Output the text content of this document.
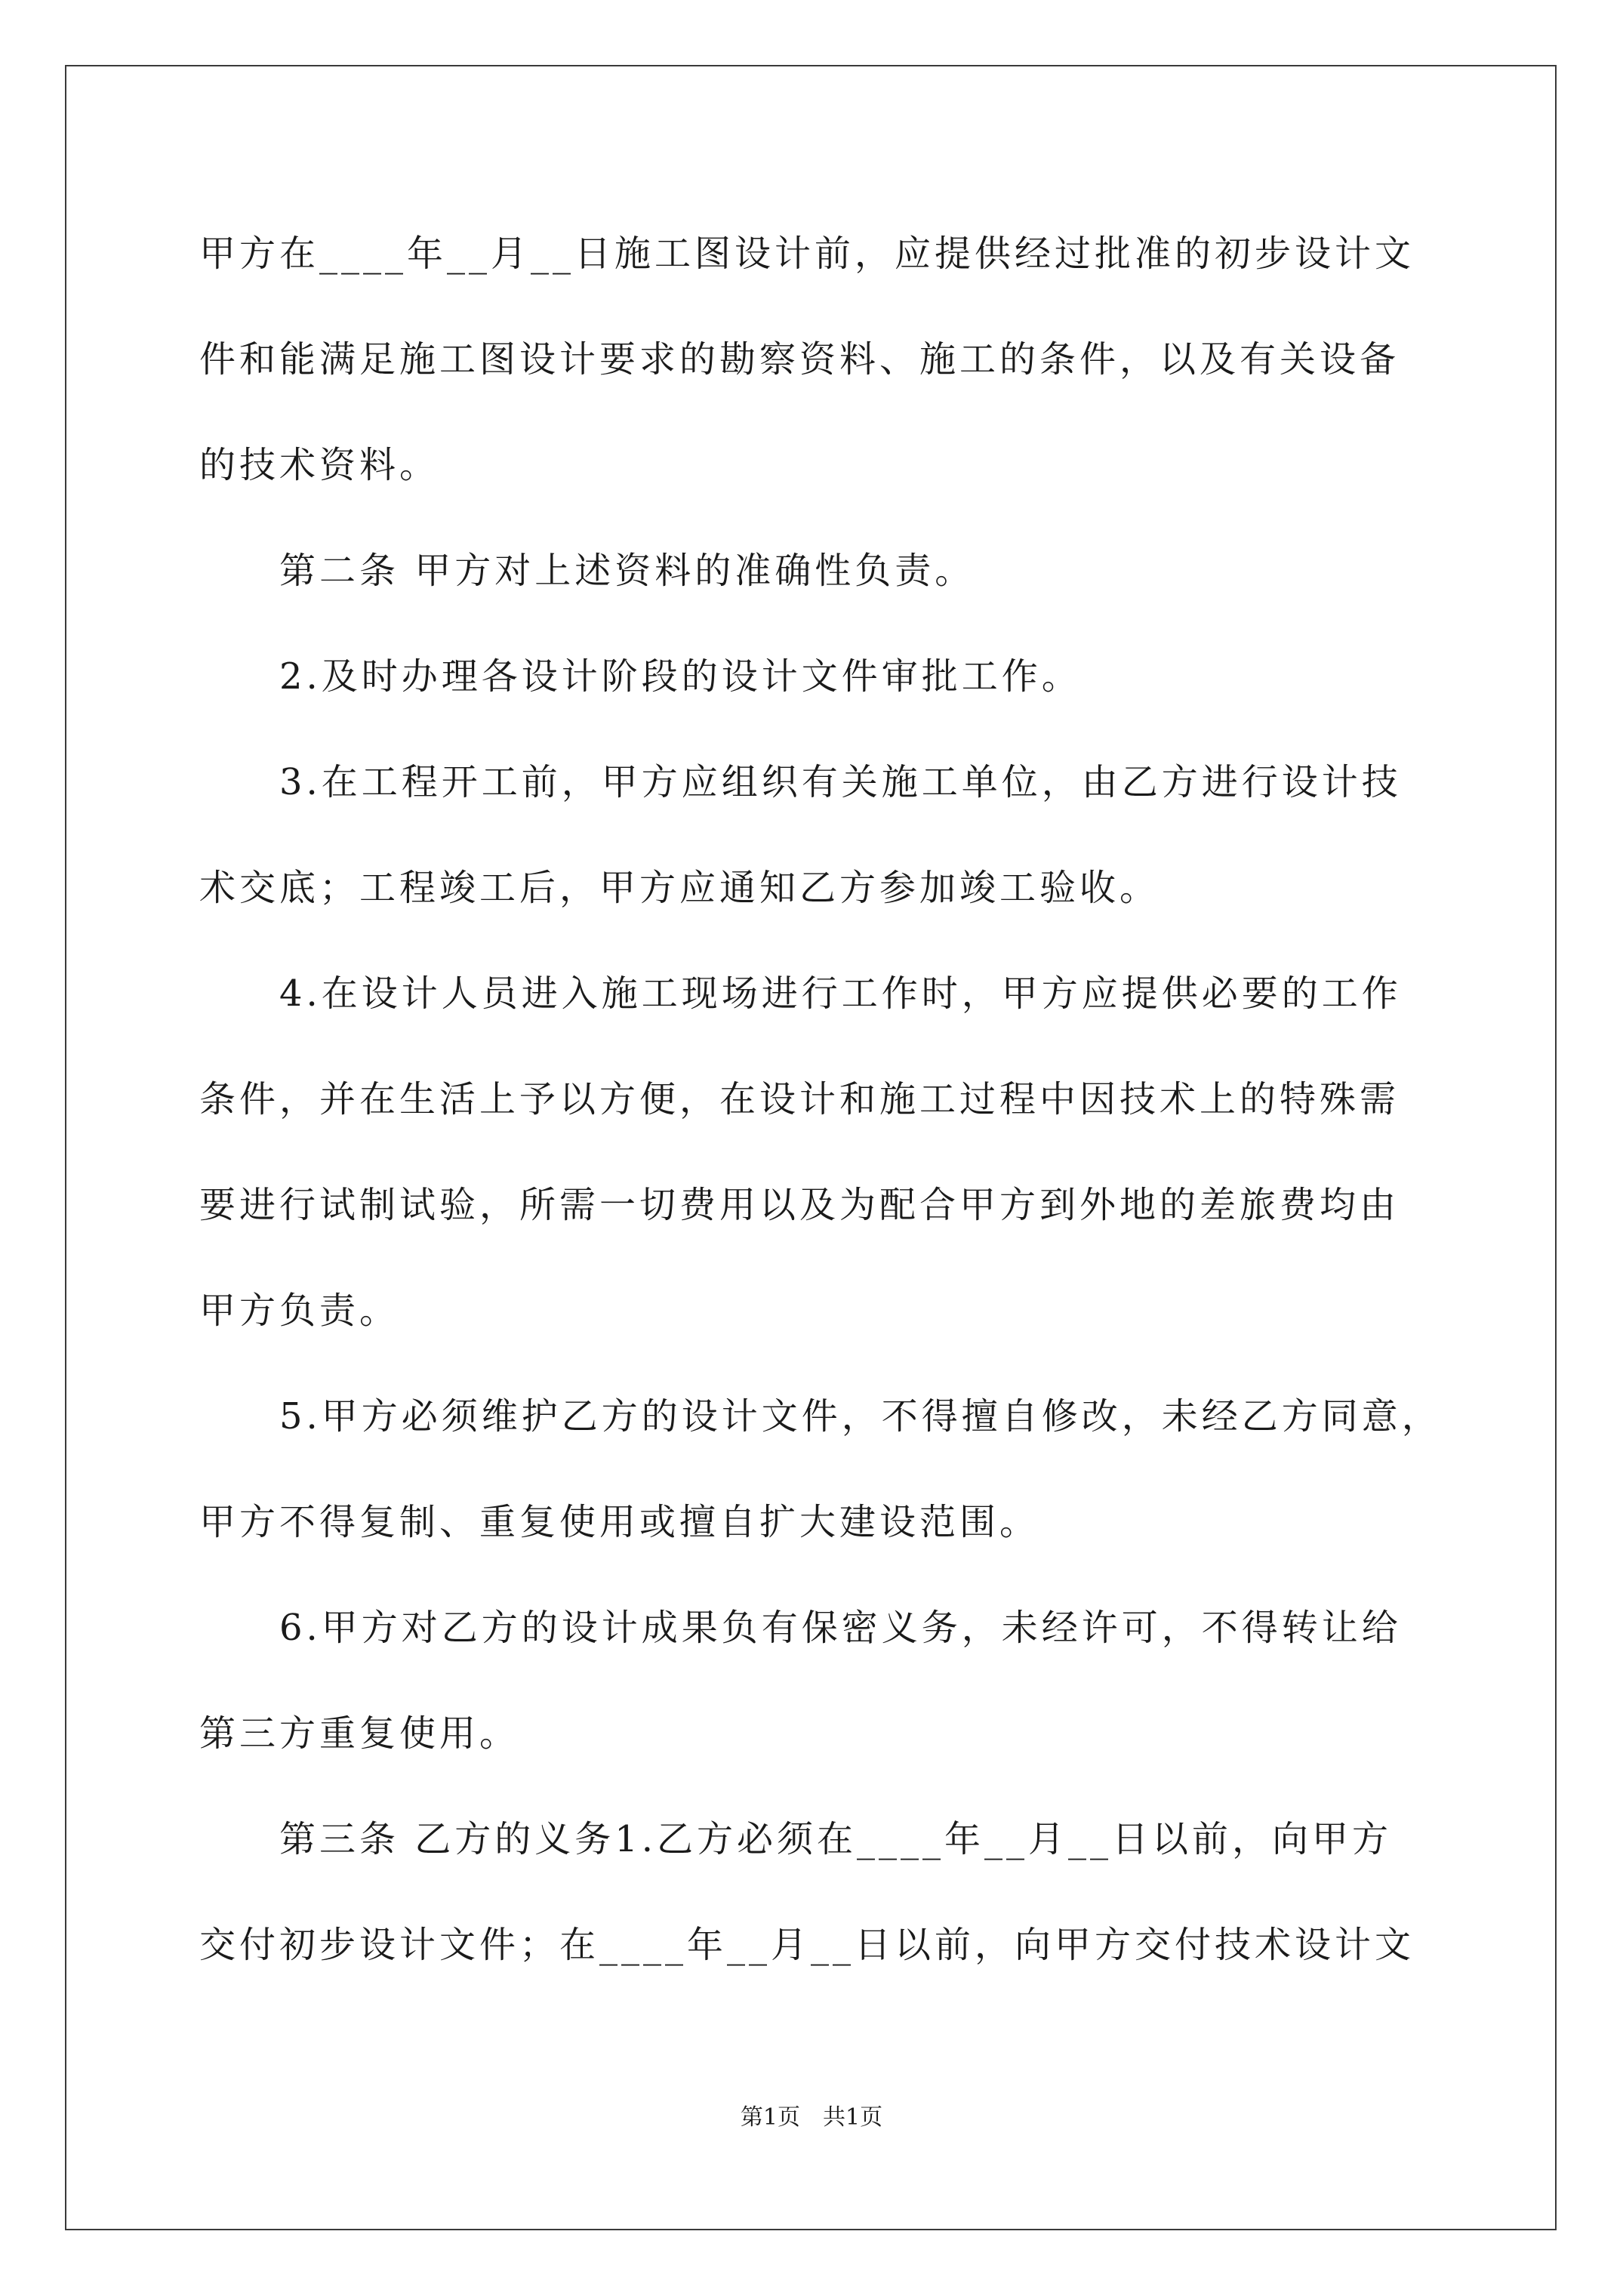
甲方在____年__月__日施工图设计前，应提供经过批准的初步设计文
件和能满足施工图设计要求的勘察资料、施工的条件，以及有关设备
的技术资料。
　　第二条 甲方对上述资料的准确性负责。
　　2.及时办理各设计阶段的设计文件审批工作。
　　3.在工程开工前，甲方应组织有关施工单位，由乙方进行设计技
术交底；工程竣工后，甲方应通知乙方参加竣工验收。
　　4.在设计人员进入施工现场进行工作时，甲方应提供必要的工作
条件，并在生活上予以方便，在设计和施工过程中因技术上的特殊需
要进行试制试验，所需一切费用以及为配合甲方到外地的差旅费均由
甲方负责。
　　5.甲方必须维护乙方的设计文件，不得擅自修改，未经乙方同意，
甲方不得复制、重复使用或擅自扩大建设范围。
　　6.甲方对乙方的设计成果负有保密义务，未经许可，不得转让给
第三方重复使用。
　　第三条 乙方的义务1.乙方必须在____年__月__日以前，向甲方
交付初步设计文件；在____年__月__日以前，向甲方交付技术设计文
第1页　共1页
